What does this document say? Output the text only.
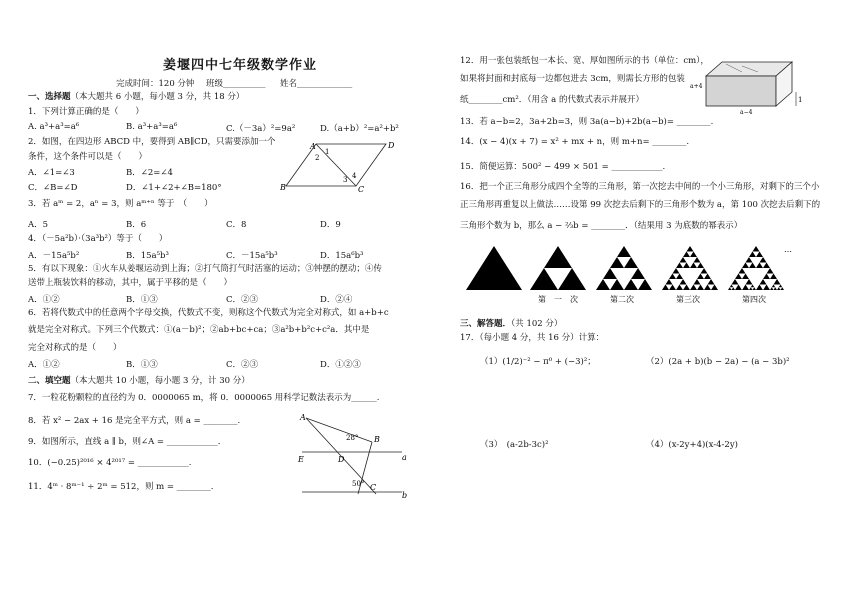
姜堰四中七年级数学作业
完成时间：120 分钟 班级__________ 姓名_____________
一、选择题（本大题共 6 小题，每小题 3 分，共 18 分）
1．下列计算正确的是（　　）
A. a³+a³=a⁶	B. a³+a³=a⁶	C.（－3a）²=9a²	D.（a+b）²=a²+b²
2．如图，在四边形 ABCD 中，要得到 AB∥CD，只需要添加一个
条件，这个条件可以是（　　）
A．∠1=∠3	B．∠2=∠4
C．∠B=∠D	D．∠1+∠2+∠B=180°
A	D
1
2
3 4
B	C
3．若 aᵐ = 2，aⁿ = 3，则 aᵐ⁺ⁿ 等于　（　　）
A．5	B．6	C．8	D．9
4．（－5a²b）·（3a³b²）等于（　　）
A．－15a⁵b²	B．15a⁵b³	C．－15a⁵b³	D．15a⁶b³
5．有以下现象：①火车从姜堰运动到上海；②打气筒打气时活塞的运动；③钟摆的摆动；④传
送带上瓶装饮料的移动，其中，属于平移的是（　　）
A．①②	B．①③	C．②③	D．②④
6．若将代数式中的任意两个字母交换，代数式不变，则称这个代数式为完全对称式，如 a+b+c
就是完全对称式。下列三个代数式：①(a－b)²；②ab+bc+ca；③a²b+b²c+c²a．其中是
完全对称式的是（　　）
A．①②	B．①③	C．②③	D．①②③
二、填空题（本大题共 10 小题，每小题 3 分，计 30 分）
7．一粒花粉颗粒的直径约为 0．0000065 m，将 0．0000065 用科学记数法表示为______.
8．若 x² − 2ax + 16 是完全平方式，则 a = ________.
9．如图所示，直线 a ∥ b，则∠A = ____________．
10．(−0.25)²⁰¹⁶ × 4²⁰¹⁷ = ____________.
11．4ᵐ · 8ᵐ⁻¹ ÷ 2ᵐ = 512，则 m = ________.
A
28° B
E	D	a
50° C
b
12．用一张包装纸包一本长、宽、厚如图所示的书（单位：cm），
如果将封面和封底每一边都包进去 3cm，则需长方形的包装
纸________cm²．（用含 a 的代数式表示并展开）
a+4
a−4
1
13．若 a−b=2，3a+2b=3，则 3a(a−b)+2b(a−b)= ________.
14．(x − 4)(x + 7) = x² + mx + n，则 m+n= ________.
15．简便运算：500² − 499 × 501 = ____________.
16．把一个正三角形分成四个全等的三角形，第一次挖去中间的一个小三角形，对剩下的三个小
正三角形再重复以上做法……设第 99 次挖去后剩下的三角形个数为 a，第 100 次挖去后剩下的
三角形个数为 b，那么 a − ⅔b = ________．（结果用 3 为底数的幂表示）
…
第　一　次	第二次	第三次	第四次
三、解答题．（共 102 分）
17．（每小题 4 分，共 16 分）计算：
（1）(1/2)⁻² − π⁰ + (−3)²；	（2）(2a + b)(b − 2a) − (a − 3b)²
（3）　(a-2b-3c)²	（4）(x-2y+4)(x-4-2y)
